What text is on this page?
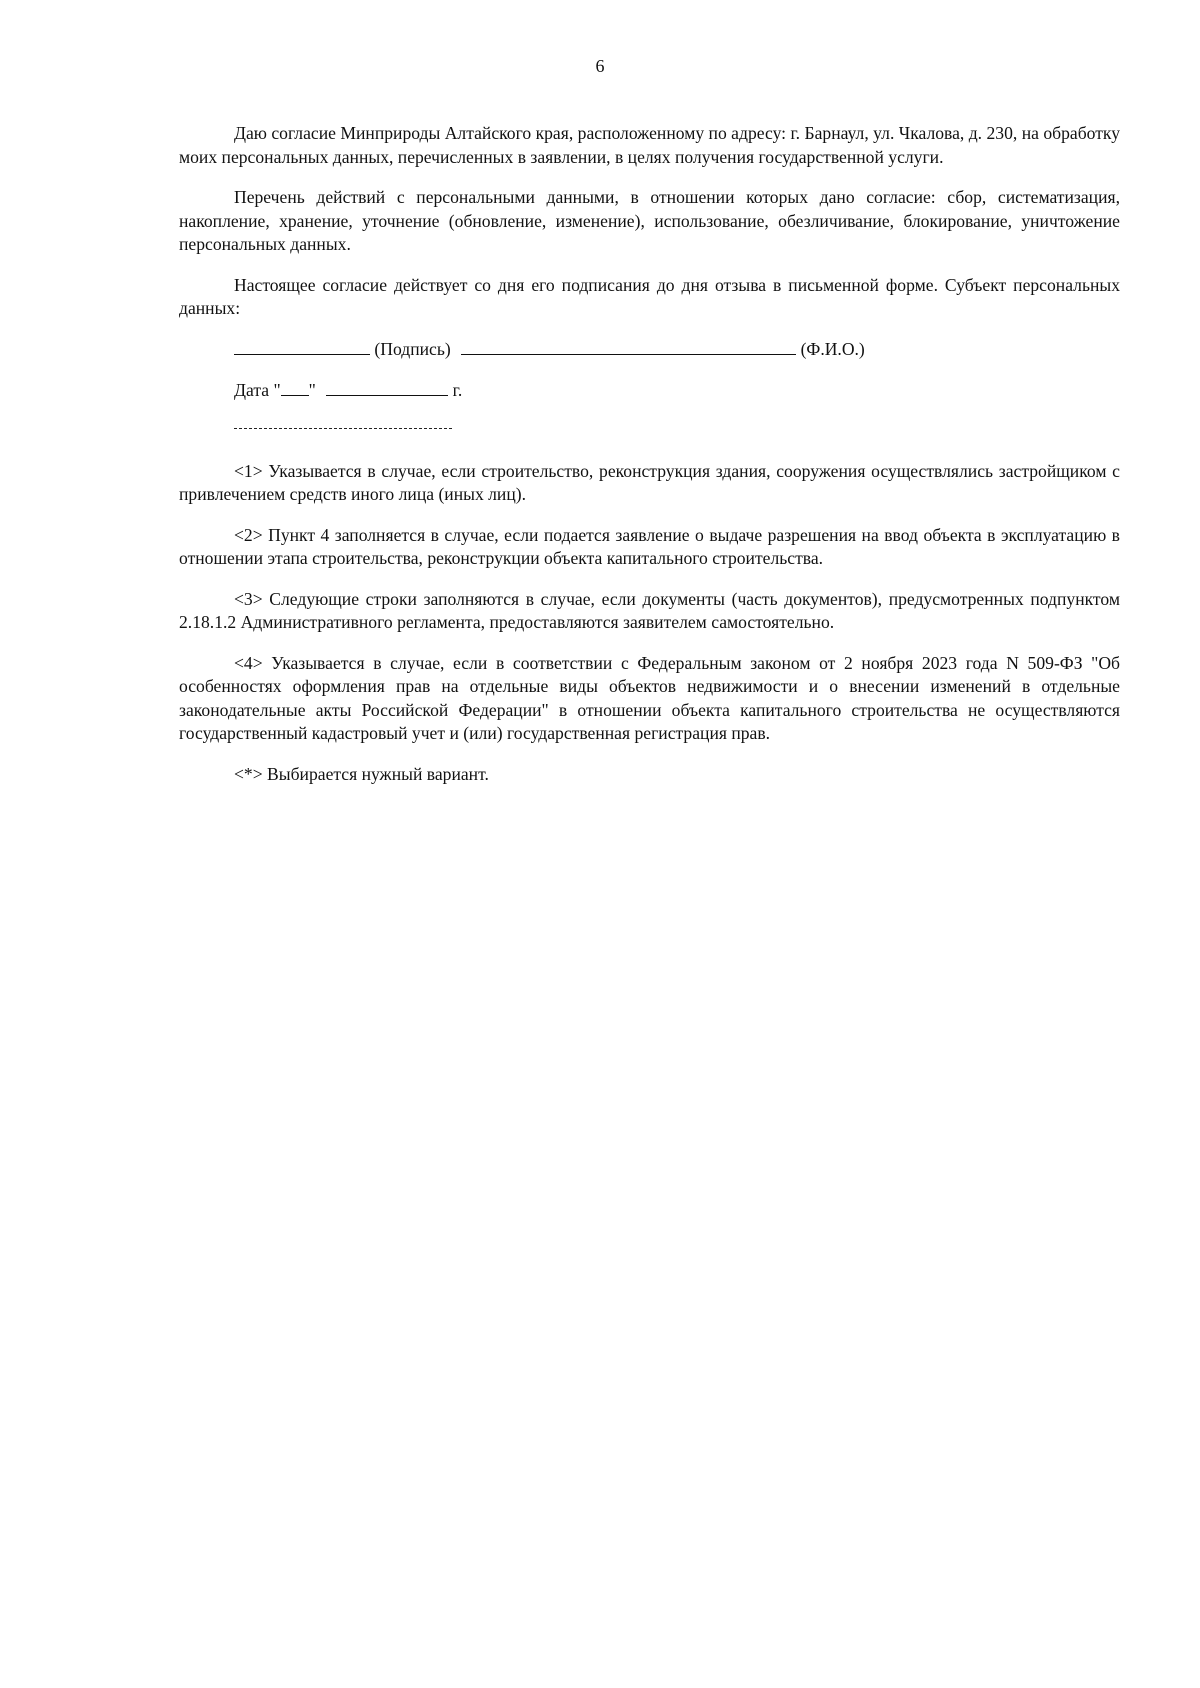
6

Даю согласие Минприроды Алтайского края, расположенному по адресу: г. Барнаул, ул. Чкалова, д. 230, на обработку моих персональных данных, перечисленных в заявлении, в целях получения государственной услуги.

Перечень действий с персональными данными, в отношении которых дано согласие: сбор, систематизация, накопление, хранение, уточнение (обновление, изменение), использование, обезличивание, блокирование, уничтожение персональных данных.

Настоящее согласие действует со дня его подписания до дня отзыва в письменной форме. Субъект персональных данных:

(Подпись)	(Ф.И.О.)
Дата " "	г.

<1> Указывается в случае, если строительство, реконструкция здания, сооружения осуществлялись застройщиком с привлечением средств иного лица (иных лиц).

<2> Пункт 4 заполняется в случае, если подается заявление о выдаче разрешения на ввод объекта в эксплуатацию в отношении этапа строительства, реконструкции объекта капитального строительства.

<3> Следующие строки заполняются в случае, если документы (часть документов), предусмотренных подпунктом 2.18.1.2 Административного регламента, предоставляются заявителем самостоятельно.

<4> Указывается в случае, если в соответствии с Федеральным законом от 2 ноября 2023 года N 509-ФЗ "Об особенностях оформления прав на отдельные виды объектов недвижимости и о внесении изменений в отдельные законодательные акты Российской Федерации" в отношении объекта капитального строительства не осуществляются государственный кадастровый учет и (или) государственная регистрация прав.

<*> Выбирается нужный вариант.
